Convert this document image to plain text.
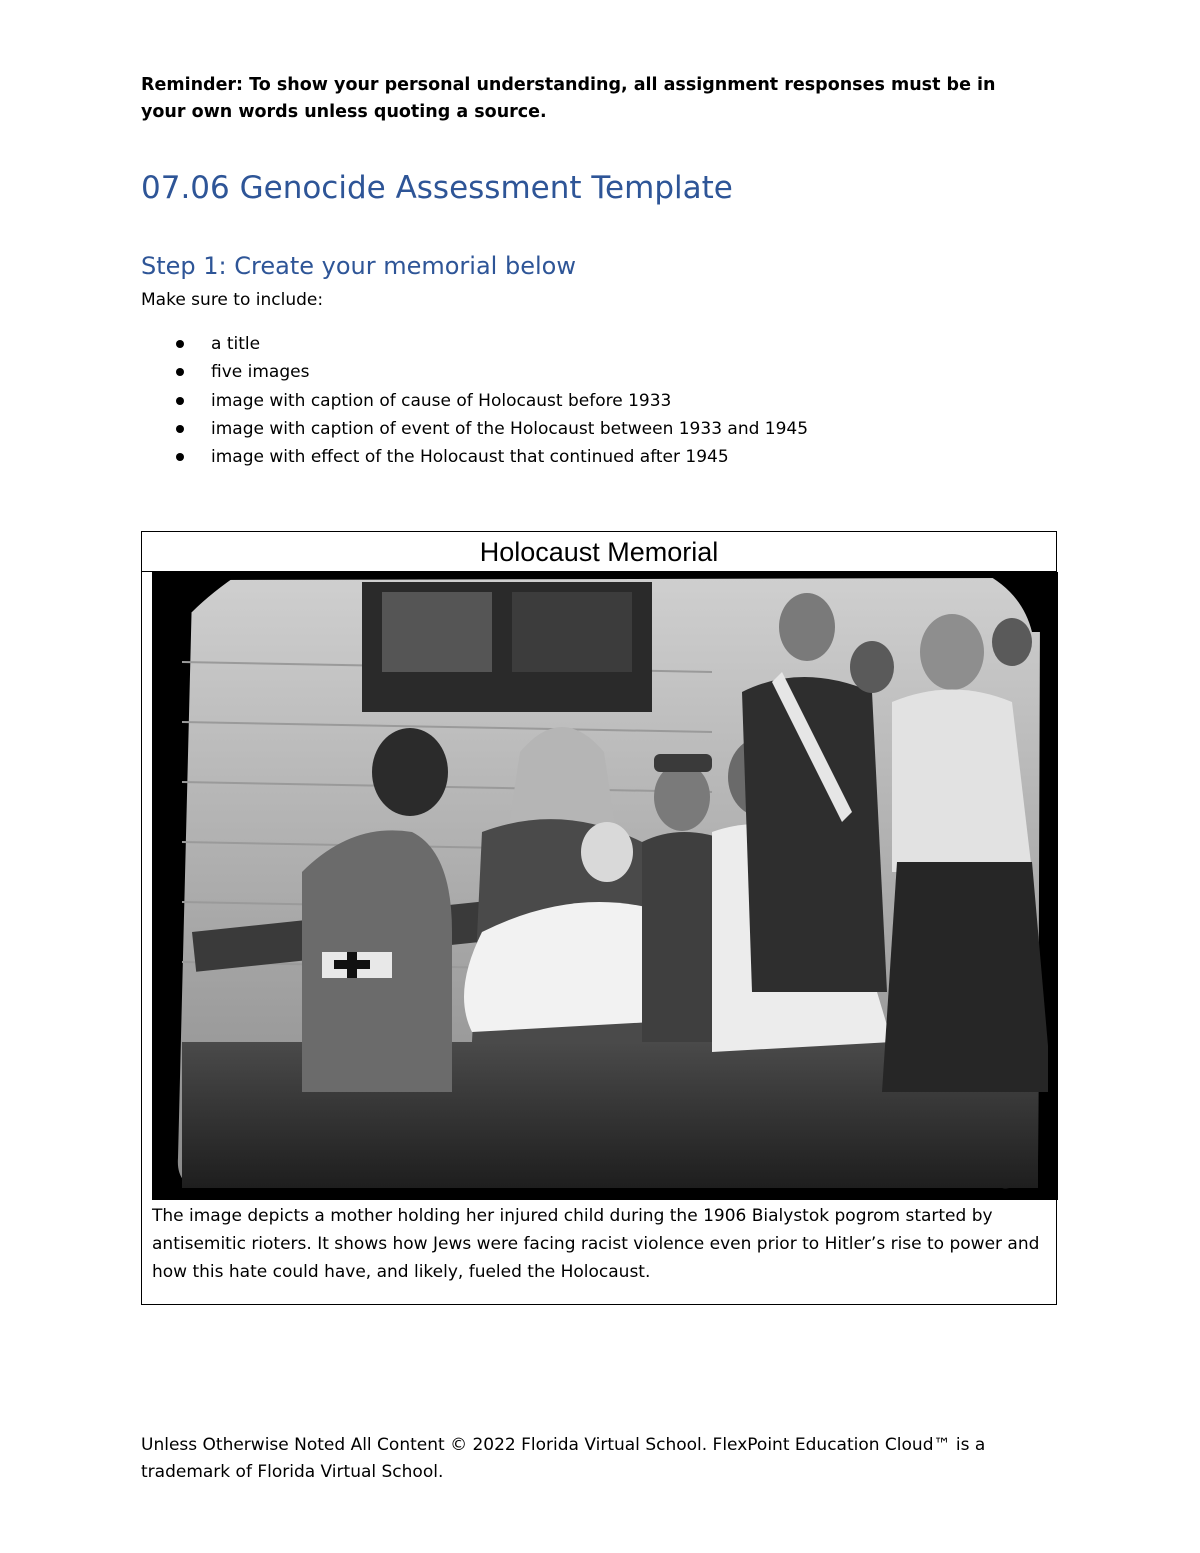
Reminder: To show your personal understanding, all assignment responses must be in your own words unless quoting a source.
07.06 Genocide Assessment Template
Step 1: Create your memorial below
Make sure to include:
a title
five images
image with caption of cause of Holocaust before 1933
image with caption of event of the Holocaust between 1933 and 1945
image with effect of the Holocaust that continued after 1945
Holocaust Memorial
The image depicts a mother holding her injured child during the 1906 Bialystok pogrom started by antisemitic rioters. It shows how Jews were facing racist violence even prior to Hitler’s rise to power and how this hate could have, and likely, fueled the Holocaust.
Unless Otherwise Noted All Content © 2022 Florida Virtual School. FlexPoint Education Cloud™ is a trademark of Florida Virtual School.
